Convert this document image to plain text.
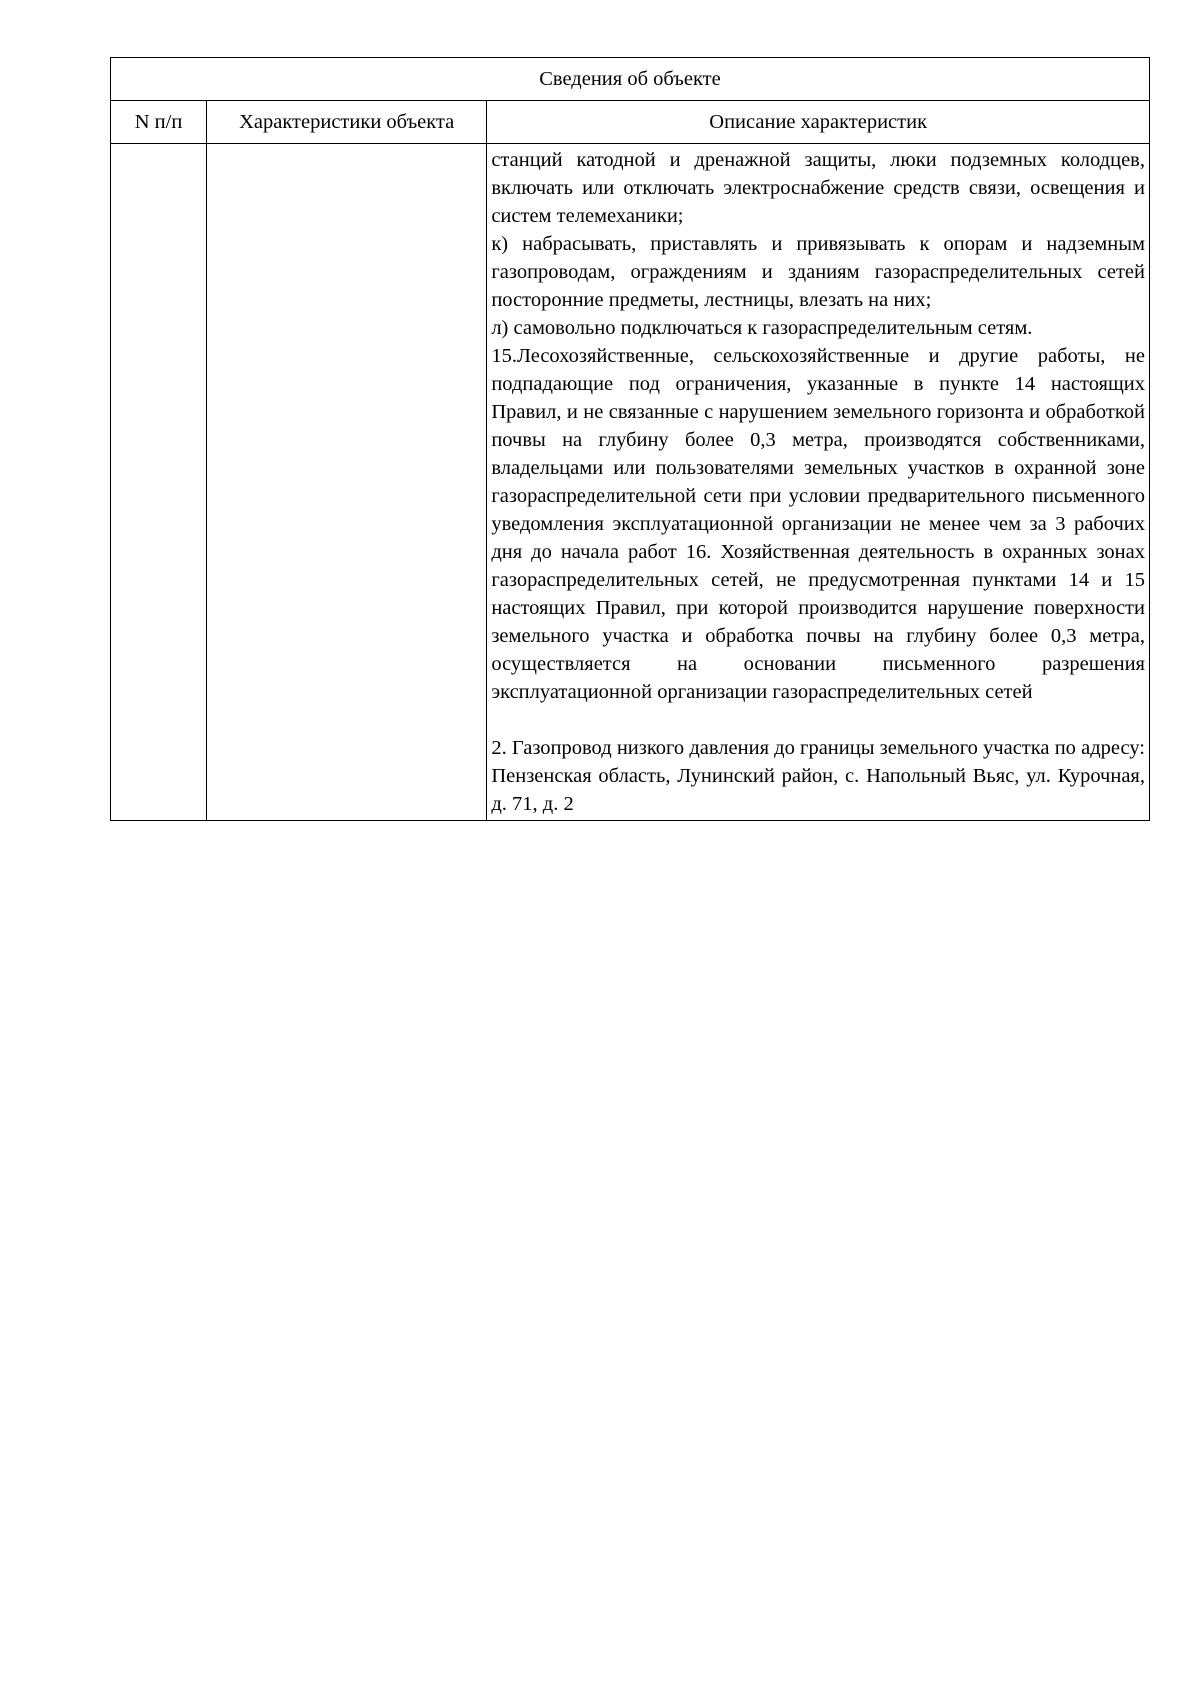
Сведения об объекте		
N п/п	Характеристики объекта	Описание характеристик

		станций катодной и дренажной защиты, люки подземных колодцев, включать или отключать электроснабжение средств связи, освещения и систем телемеханики;

к) набрасывать, приставлять и привязывать к опорам и надземным газопроводам, ограждениям и зданиям газораспределительных сетей посторонние предметы, лестницы, влезать на них;

л) самовольно подключаться к газораспределительным сетям.

15.Лесохозяйственные, сельскохозяйственные и другие работы, не подпадающие под ограничения, указанные в пункте 14 настоящих Правил, и не связанные с нарушением земельного горизонта и обработкой почвы на глубину более 0,3 метра, производятся собственниками, владельцами или пользователями земельных участков в охранной зоне газораспределительной сети при условии предварительного письменного уведомления эксплуатационной организации не менее чем за 3 рабочих дня до начала работ 16. Хозяйственная деятельность в охранных зонах газораспределительных сетей, не предусмотренная пунктами 14 и 15 настоящих Правил, при которой производится нарушение поверхности земельного участка и обработка почвы на глубину более 0,3 метра, осуществляется на основании письменного разрешения эксплуатационной организации газораспределительных сетей

2. Газопровод низкого давления до границы земельного участка по адресу: Пензенская область, Лунинский район, с. Напольный Вьяс, ул. Курочная, д. 71, д. 2
